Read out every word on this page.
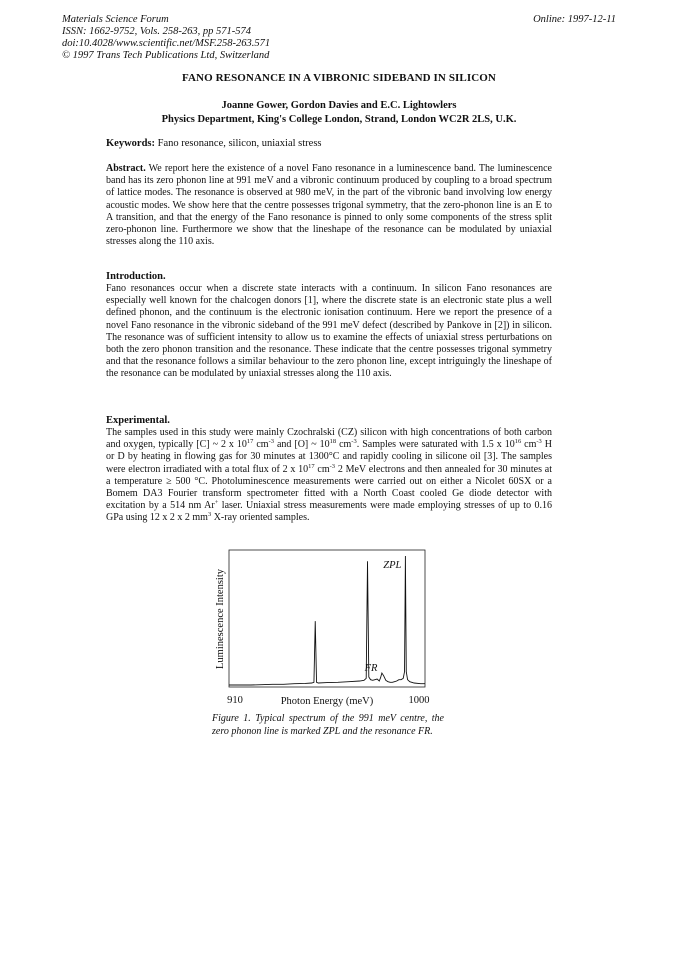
Materials Science Forum
ISSN: 1662-9752, Vols. 258-263, pp 571-574
doi:10.4028/www.scientific.net/MSF.258-263.571
© 1997 Trans Tech Publications Ltd, Switzerland
Online: 1997-12-11
FANO RESONANCE IN A VIBRONIC SIDEBAND IN SILICON
Joanne Gower, Gordon Davies and E.C. Lightowlers
Physics Department, King's College London, Strand, London WC2R 2LS, U.K.
Keywords: Fano resonance, silicon, uniaxial stress
Abstract. We report here the existence of a novel Fano resonance in a luminescence band. The luminescence band has its zero phonon line at 991 meV and a vibronic continuum produced by coupling to a broad spectrum of lattice modes. The resonance is observed at 980 meV, in the part of the vibronic band involving low energy acoustic modes. We show here that the centre possesses trigonal symmetry, that the zero-phonon line is an E to A transition, and that the energy of the Fano resonance is pinned to only some components of the stress split zero-phonon line. Furthermore we show that the lineshape of the resonance can be modulated by uniaxial stresses along the 110 axis.
Introduction.
Fano resonances occur when a discrete state interacts with a continuum. In silicon Fano resonances are especially well known for the chalcogen donors [1], where the discrete state is an electronic state plus a well defined phonon, and the continuum is the electronic ionisation continuum. Here we report the presence of a novel Fano resonance in the vibronic sideband of the 991 meV defect (described by Pankove in [2]) in silicon. The resonance was of sufficient intensity to allow us to examine the effects of uniaxial stress perturbations on both the zero phonon transition and the resonance. These indicate that the centre possesses trigonal symmetry and that the resonance follows a similar behaviour to the zero phonon line, except intriguingly the lineshape of the resonance can be modulated by uniaxial stresses along the 110 axis.
Experimental.
The samples used in this study were mainly Czochralski (CZ) silicon with high concentrations of both carbon and oxygen, typically [C] ~ 2 x $10^{17}$ $cm^{-3}$ and [O] ~ $10^{18}$ $cm^{-3}$. Samples were saturated with 1.5 x $10^{16}$ $cm^{-3}$ H or D by heating in flowing gas for 30 minutes at 1300°C and rapidly cooling in silicone oil [3]. The samples were electron irradiated with a total flux of 2 x $10^{17}$ $cm^{-3}$ 2 MeV electrons and then annealed for 30 minutes at a temperature ≥ 500 °C. Photoluminescence measurements were carried out on either a Nicolet 60SX or a Bomem DA3 Fourier transform spectrometer fitted with a North Coast cooled Ge diode detector with excitation by a 514 nm Ar+ laser. Uniaxial stress measurements were made employing stresses of up to 0.16 GPa using 12 x 2 x 2 $mm^3$ X-ray oriented samples.
Luminescence Intensity
Photon Energy (meV)
910	1000
ZPL
FR
Figure 1. Typical spectrum of the 991 meV centre, the zero phonon line is marked ZPL and the resonance FR.
